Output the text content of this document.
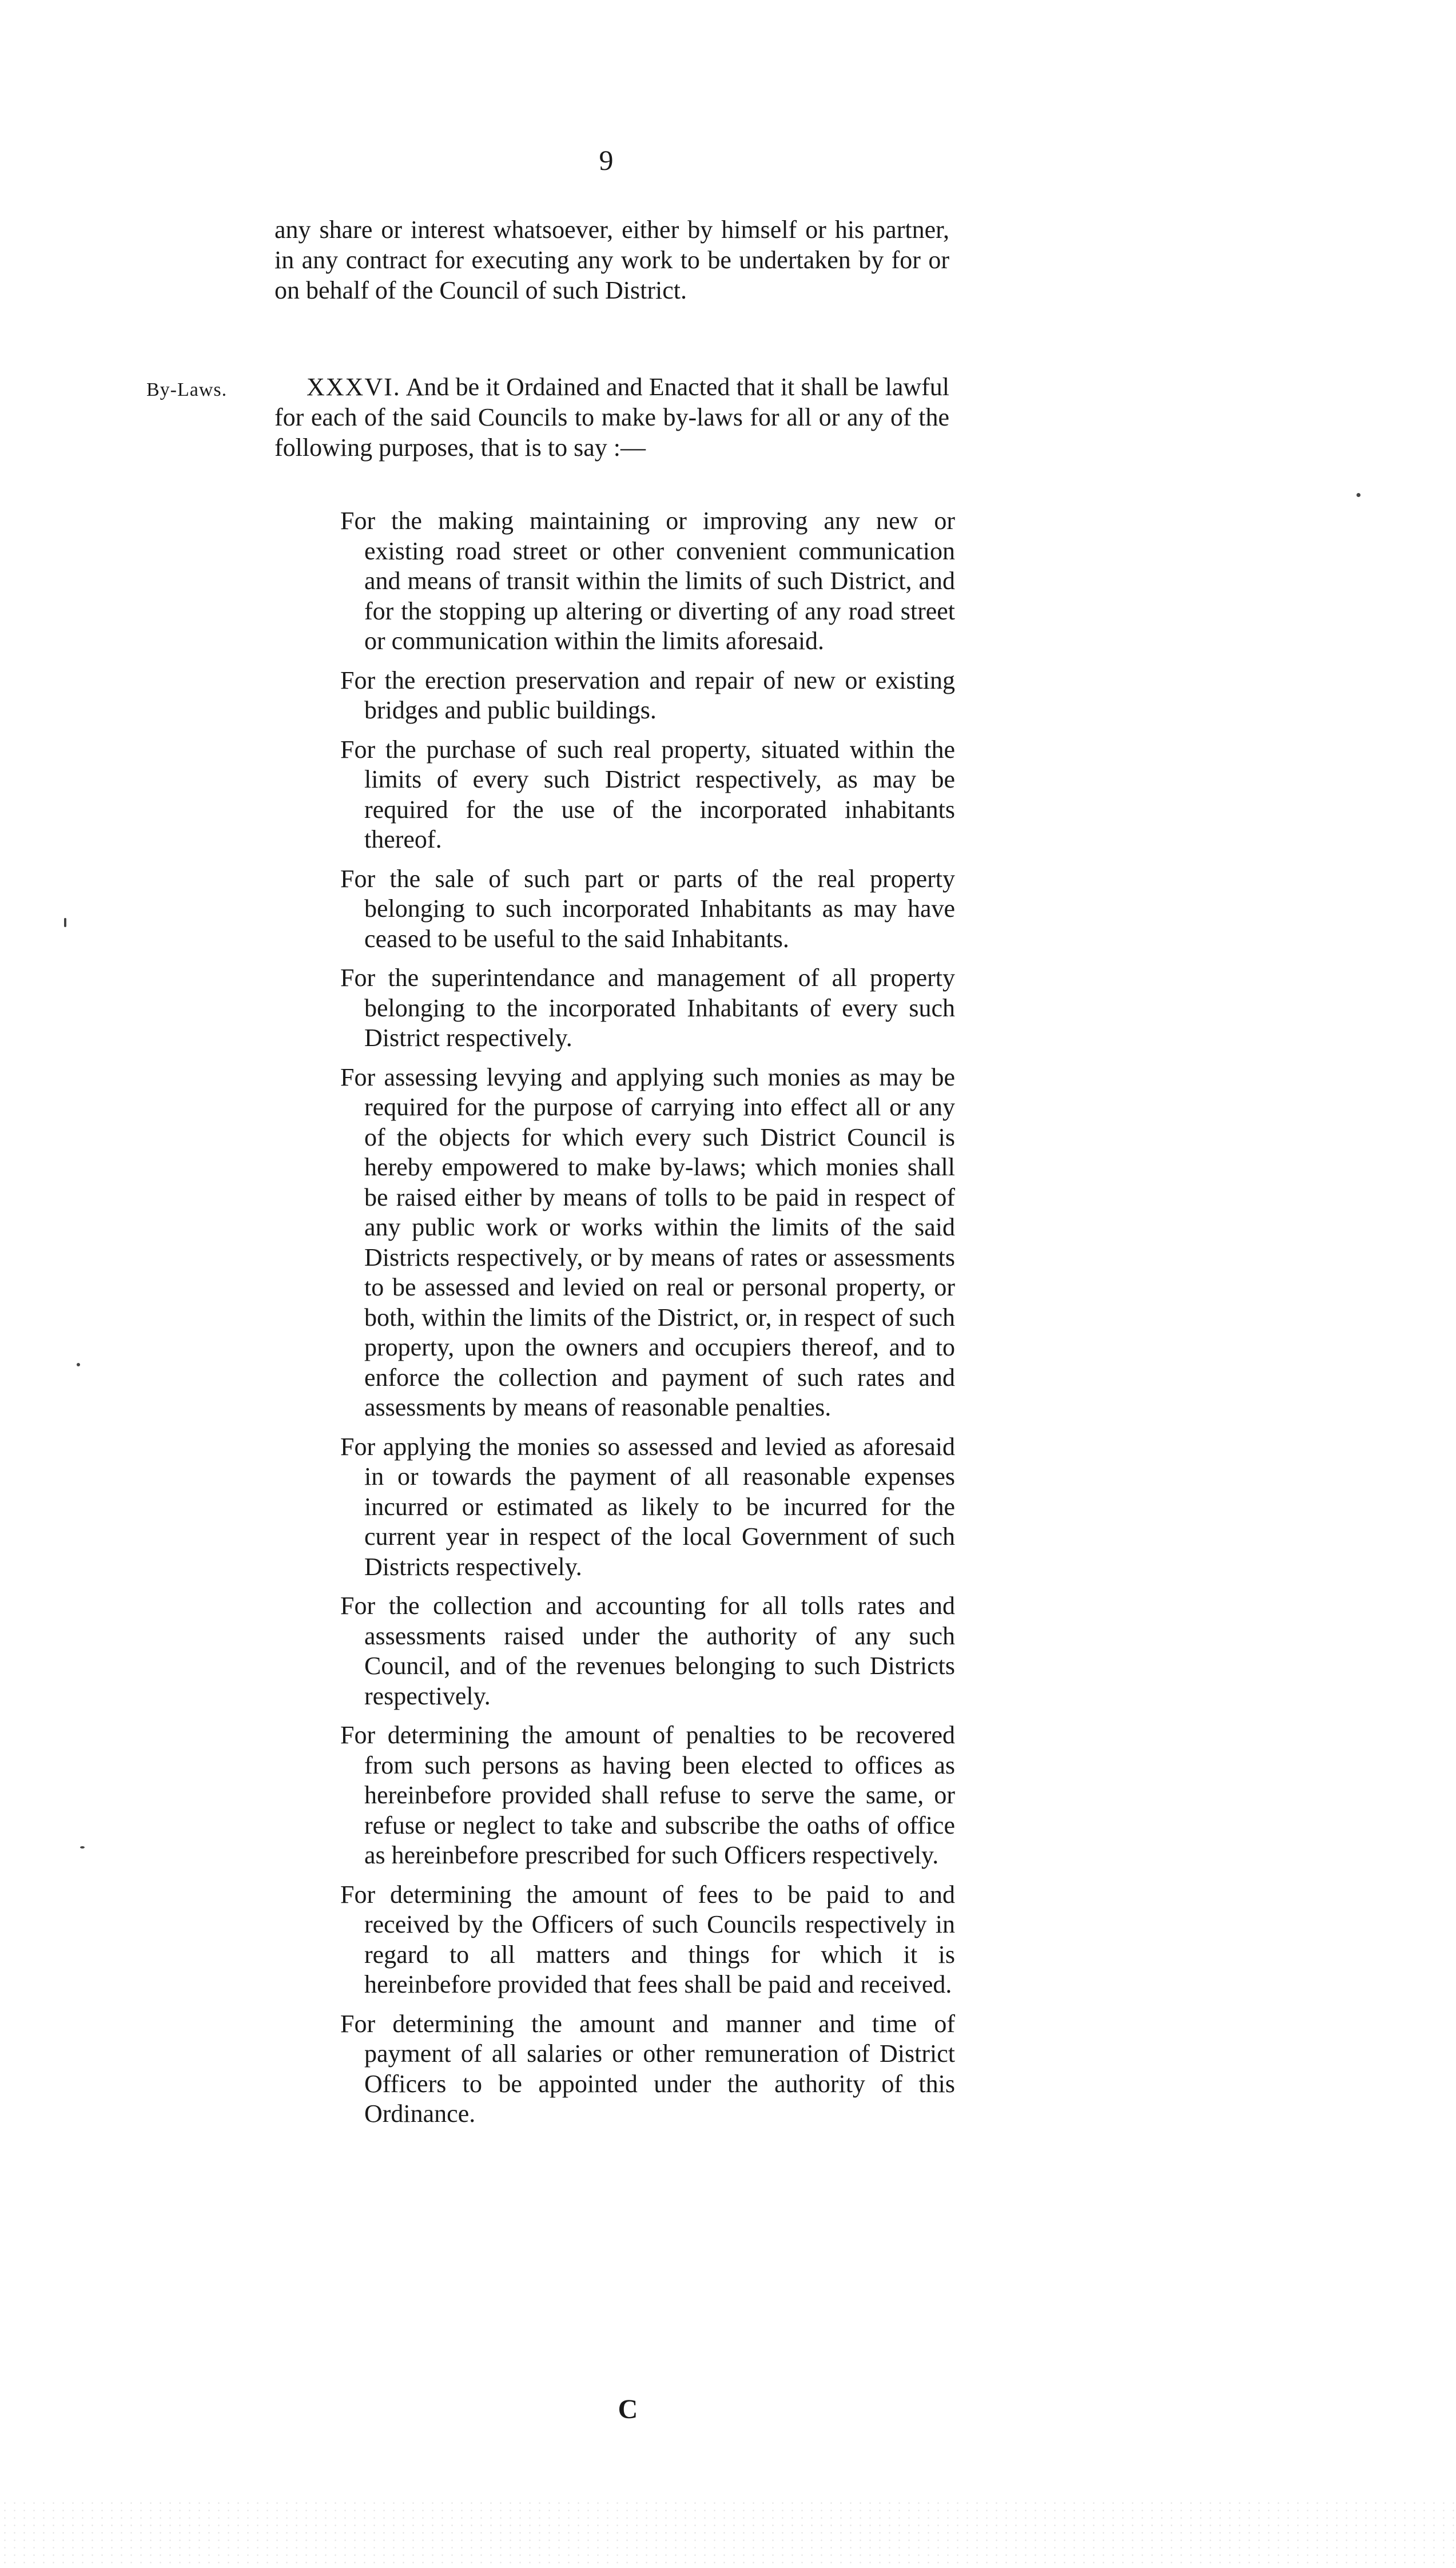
9

any share or interest whatsoever, either by himself or his partner, in any contract for executing any work to be undertaken by for or on behalf of the Council of such District.

By-Laws.	XXXVI. And be it Ordained and Enacted that it shall be lawful for each of the said Councils to make by-laws for all or any of the following purposes, that is to say :—

For the making maintaining or improving any new or existing road street or other convenient communication and means of transit within the limits of such District, and for the stopping up altering or diverting of any road street or communication within the limits aforesaid.
For the erection preservation and repair of new or existing bridges and public buildings.
For the purchase of such real property, situated within the limits of every such District respectively, as may be required for the use of the incorporated inhabitants thereof.
For the sale of such part or parts of the real property belonging to such incorporated Inhabitants as may have ceased to be useful to the said Inhabitants.
For the superintendance and management of all property belonging to the incorporated Inhabitants of every such District respectively.
For assessing levying and applying such monies as may be required for the purpose of carrying into effect all or any of the objects for which every such District Council is hereby empowered to make by-laws; which monies shall be raised either by means of tolls to be paid in respect of any public work or works within the limits of the said Districts respectively, or by means of rates or assessments to be assessed and levied on real or personal property, or both, within the limits of the District, or, in respect of such property, upon the owners and occupiers thereof, and to enforce the collection and payment of such rates and assessments by means of reasonable penalties.
For applying the monies so assessed and levied as aforesaid in or towards the payment of all reasonable expenses incurred or estimated as likely to be incurred for the current year in respect of the local Government of such Districts respectively.
For the collection and accounting for all tolls rates and assessments raised under the authority of any such Council, and of the revenues belonging to such Districts respectively.
For determining the amount of penalties to be recovered from such persons as having been elected to offices as hereinbefore provided shall refuse to serve the same, or refuse or neglect to take and subscribe the oaths of office as hereinbefore prescribed for such Officers respectively.
For determining the amount of fees to be paid to and received by the Officers of such Councils respectively in regard to all matters and things for which it is hereinbefore provided that fees shall be paid and received.
For determining the amount and manner and time of payment of all salaries or other remuneration of District Officers to be appointed under the authority of this Ordinance.
C
